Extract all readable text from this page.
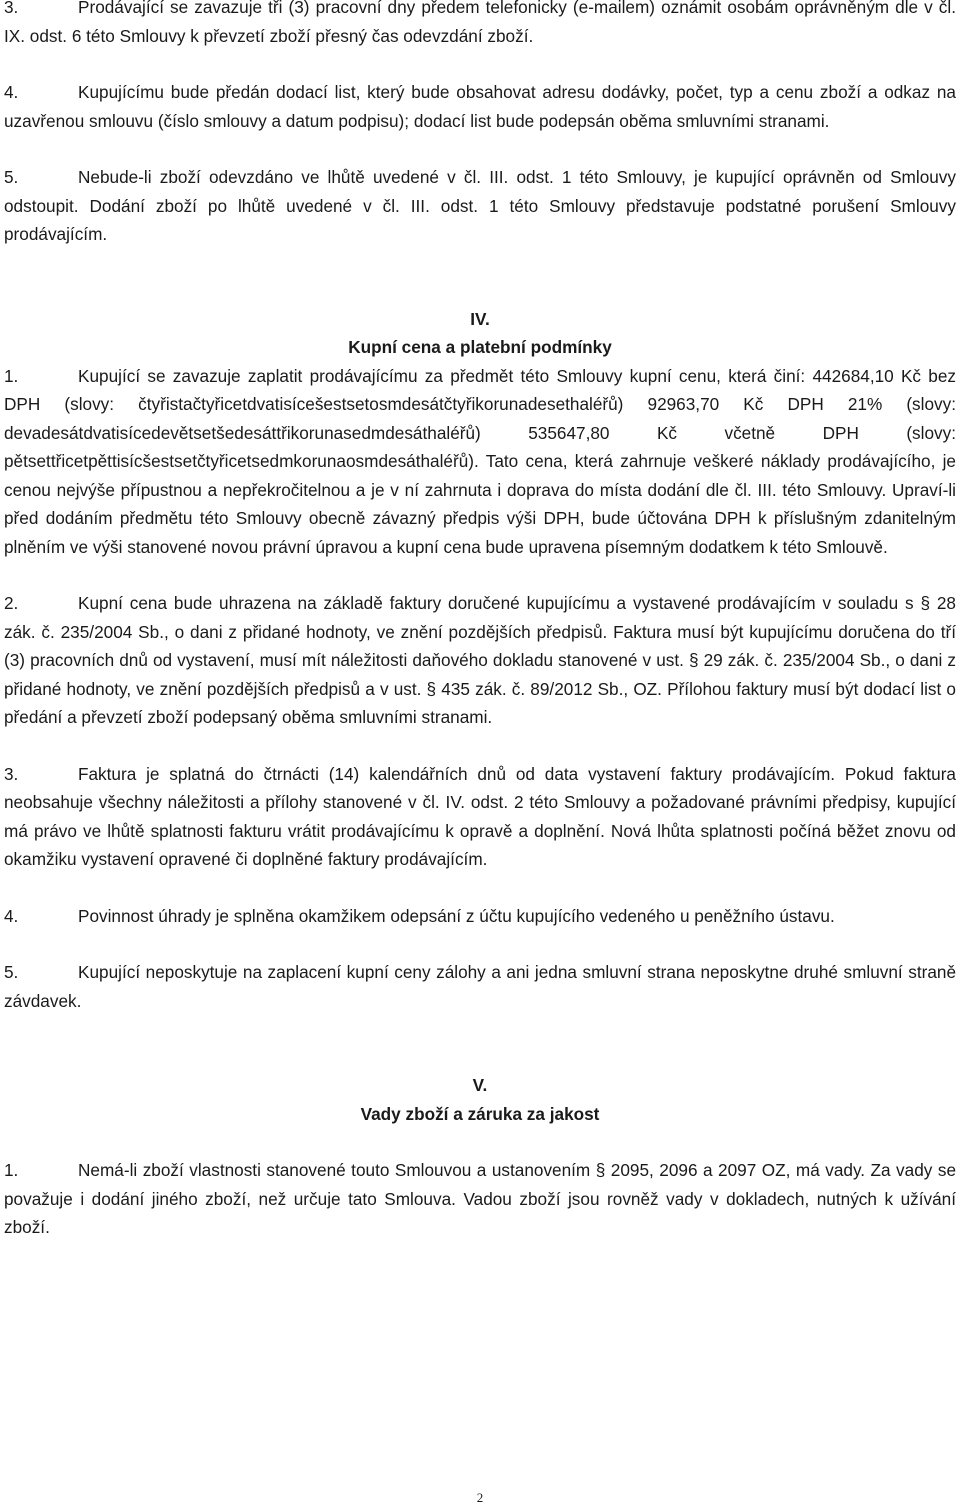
3.	Prodávající se zavazuje tři (3) pracovní dny předem telefonicky (e-mailem) oznámit osobám oprávněným dle v čl. IX. odst. 6 této Smlouvy k převzetí zboží přesný čas odevzdání zboží.
4.	Kupujícímu bude předán dodací list, který bude obsahovat adresu dodávky, počet, typ a cenu zboží a odkaz na uzavřenou smlouvu (číslo smlouvy a datum podpisu); dodací list bude podepsán oběma smluvními stranami.
5.	Nebude-li zboží odevzdáno ve lhůtě uvedené v čl. III. odst. 1 této Smlouvy, je kupující oprávněn od Smlouvy odstoupit. Dodání zboží po lhůtě uvedené v čl. III. odst. 1 této Smlouvy představuje podstatné porušení Smlouvy prodávajícím.

IV.

Kupní cena a platební podmínky

1.	Kupující se zavazuje zaplatit prodávajícímu za předmět této Smlouvy kupní cenu, která činí: 442684,10 Kč bez DPH (slovy: čtyřistačtyřicetdvatisícešestsetosmdesátčtyřikorunadesethaléřů) 92963,70 Kč DPH 21% (slovy: devadesátdvatisícedevětsetšedesáttřikorunasedmdesáthaléřů) 535647,80 Kč včetně DPH (slovy: pětsettřicetpěttisícšestsetčtyřicetsedmkorunaosmdesáthaléřů). Tato cena, která zahrnuje veškeré náklady prodávajícího, je cenou nejvýše přípustnou a nepřekročitelnou a je v ní zahrnuta i doprava do místa dodání dle čl. III. této Smlouvy. Upraví-li před dodáním předmětu této Smlouvy obecně závazný předpis výši DPH, bude účtována DPH k příslušným zdanitelným plněním ve výši stanovené novou právní úpravou a kupní cena bude upravena písemným dodatkem k této Smlouvě.
2.	Kupní cena bude uhrazena na základě faktury doručené kupujícímu a vystavené prodávajícím v souladu s § 28 zák. č. 235/2004 Sb., o dani z přidané hodnoty, ve znění pozdějších předpisů. Faktura musí být kupujícímu doručena do tří (3) pracovních dnů od vystavení, musí mít náležitosti daňového dokladu stanovené v ust. § 29 zák. č. 235/2004 Sb., o dani z přidané hodnoty, ve znění pozdějších předpisů a v ust. § 435 zák. č. 89/2012 Sb., OZ. Přílohou faktury musí být dodací list o předání a převzetí zboží podepsaný oběma smluvními stranami.
3.	Faktura je splatná do čtrnácti (14) kalendářních dnů od data vystavení faktury prodávajícím. Pokud faktura neobsahuje všechny náležitosti a přílohy stanovené v čl. IV. odst. 2 této Smlouvy a požadované právními předpisy, kupující má právo ve lhůtě splatnosti fakturu vrátit prodávajícímu k opravě a doplnění. Nová lhůta splatnosti počíná běžet znovu od okamžiku vystavení opravené či doplněné faktury prodávajícím.
4.	Povinnost úhrady je splněna okamžikem odepsání z účtu kupujícího vedeného u peněžního ústavu.
5.	Kupující neposkytuje na zaplacení kupní ceny zálohy a ani jedna smluvní strana neposkytne druhé smluvní straně závdavek.

V.

Vady zboží a záruka za jakost

1.	Nemá-li zboží vlastnosti stanovené touto Smlouvou a ustanovením § 2095, 2096 a 2097 OZ, má vady. Za vady se považuje i dodání jiného zboží, než určuje tato Smlouva. Vadou zboží jsou rovněž vady v dokladech, nutných k užívání zboží.
2
